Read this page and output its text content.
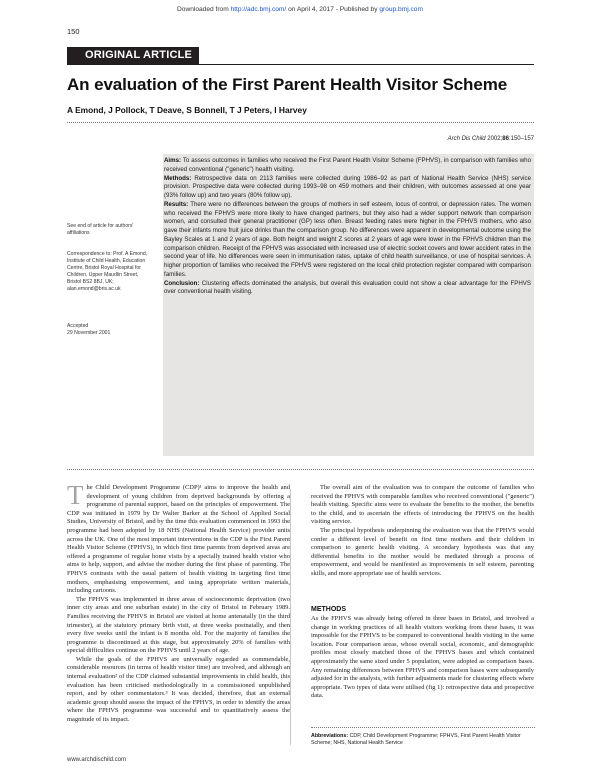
Downloaded from http://adc.bmj.com/ on April 4, 2017 - Published by group.bmj.com
150
ORIGINAL ARTICLE
An evaluation of the First Parent Health Visitor Scheme
A Emond, J Pollock, T Deave, S Bonnell, T J Peters, I Harvey
Arch Dis Child 2002;86:150–157

Aims: To assess outcomes in families who received the First Parent Health Visitor Scheme (FPHVS), in comparison with families who received conventional ("generic") health visiting.

Methods: Retrospective data on 2113 families were collected during 1986–92 as part of National Health Service (NHS) service provision. Prospective data were collected during 1993–98 on 459 mothers and their children, with outcomes assessed at one year (93% follow up) and two years (80% follow up).

Results: There were no differences between the groups of mothers in self esteem, locus of control, or depression rates. The women who received the FPHVS were more likely to have changed partners, but they also had a wider support network than comparison women, and consulted their general practitioner (GP) less often. Breast feeding rates were higher in the FPHVS mothers, who also gave their infants more fruit juice drinks than the comparison group. No differences were apparent in developmental outcome using the Bayley Scales at 1 and 2 years of age. Both height and weight Z scores at 2 years of age were lower in the FPHVS children than the comparison children. Receipt of the FPHVS was associated with increased use of electric socket covers and lower accident rates in the second year of life. No differences were seen in immunisation rates, uptake of child health surveillance, or use of hospital services. A higher proportion of families who received the FPHVS were registered on the local child protection register compared with comparison families.

Conclusion: Clustering effects dominated the analysis, but overall this evaluation could not show a clear advantage for the FPHVS over conventional health visiting.

See end of article for authors' affiliations
Correspondence to: Prof. A Emond, Institute of Child Health, Education Centre, Bristol Royal Hospital for Children, Upper Maudlin Street, Bristol BS2 8BJ, UK; alan.emond@bris.ac.uk
Accepted
29 November 2001

The Child Development Programme (CDP)¹ aims to improve the health and development of young children from deprived backgrounds by offering a programme of parental support, based on the principles of empowerment. The CDP was initiated in 1979 by Dr Walter Barker at the School of Applied Social Studies, University of Bristol, and by the time this evaluation commenced in 1993 the programme had been adopted by 18 NHS (National Health Service) provider units across the UK. One of the most important interventions in the CDP is the First Parent Health Visitor Scheme (FPHVS), in which first time parents from deprived areas are offered a programme of regular home visits by a specially trained health visitor who aims to help, support, and advise the mother during the first phase of parenting. The FPHVS contrasts with the usual pattern of health visiting in targeting first time mothers, emphasising empowerment, and using appropriate written materials, including cartoons.

The FPHVS was implemented in three areas of socioeconomic deprivation (two inner city areas and one suburban estate) in the city of Bristol in February 1989. Families receiving the FPHVS in Bristol are visited at home antenatally (in the third trimester), at the statutory primary birth visit, at three weeks postnatally, and then every five weeks until the infant is 8 months old. For the majority of families the programme is discontinued at this stage, but approximately 20% of families with special difficulties continue on the FPHVS until 2 years of age.

While the goals of the FPHVS are universally regarded as commendable, considerable resources (in terms of health visitor time) are involved, and although an internal evaluation² of the CDP claimed substantial improvements in child health, this evaluation has been criticised methodologically in a commissioned unpublished report, and by other commentators.³ It was decided, therefore, that an external academic group should assess the impact of the FPHVS, in order to identify the areas where the FPHVS programme was successful and to quantitatively assess the magnitude of its impact.

The overall aim of the evaluation was to compare the outcome of families who received the FPHVS with comparable families who received conventional ("generic") health visiting. Specific aims were to evaluate the benefits to the mother, the benefits to the child, and to ascertain the effects of introducing the FPHVS on the health visiting service.

The principal hypothesis underpinning the evaluation was that the FPHVS would confer a different level of benefit on first time mothers and their children in comparison to generic health visiting. A secondary hypothesis was that any differential benefits to the mother would be mediated through a process of empowerment, and would be manifested as improvements in self esteem, parenting skills, and more appropriate use of health services.

METHODS

As the FPHVS was already being offered in three bases in Bristol, and involved a change in working practices of all health visitors working from these bases, it was impossible for the FPHVS to be compared to conventional health visiting in the same location. Four comparison areas, whose overall social, economic, and demographic profiles most closely matched those of the FPHVS bases and which contained approximately the same sized under 5 population, were adopted as comparison bases. Any remaining differences between FPHVS and comparison bases were subsequently adjusted for in the analysis, with further adjustments made for clustering effects where appropriate. Two types of data were utilised (fig 1): retrospective data and prospective data.

Abbreviations: CDP, Child Development Programme; FPHVS, First Parent Health Visitor Scheme; NHS, National Health Service
www.archdischild.com
